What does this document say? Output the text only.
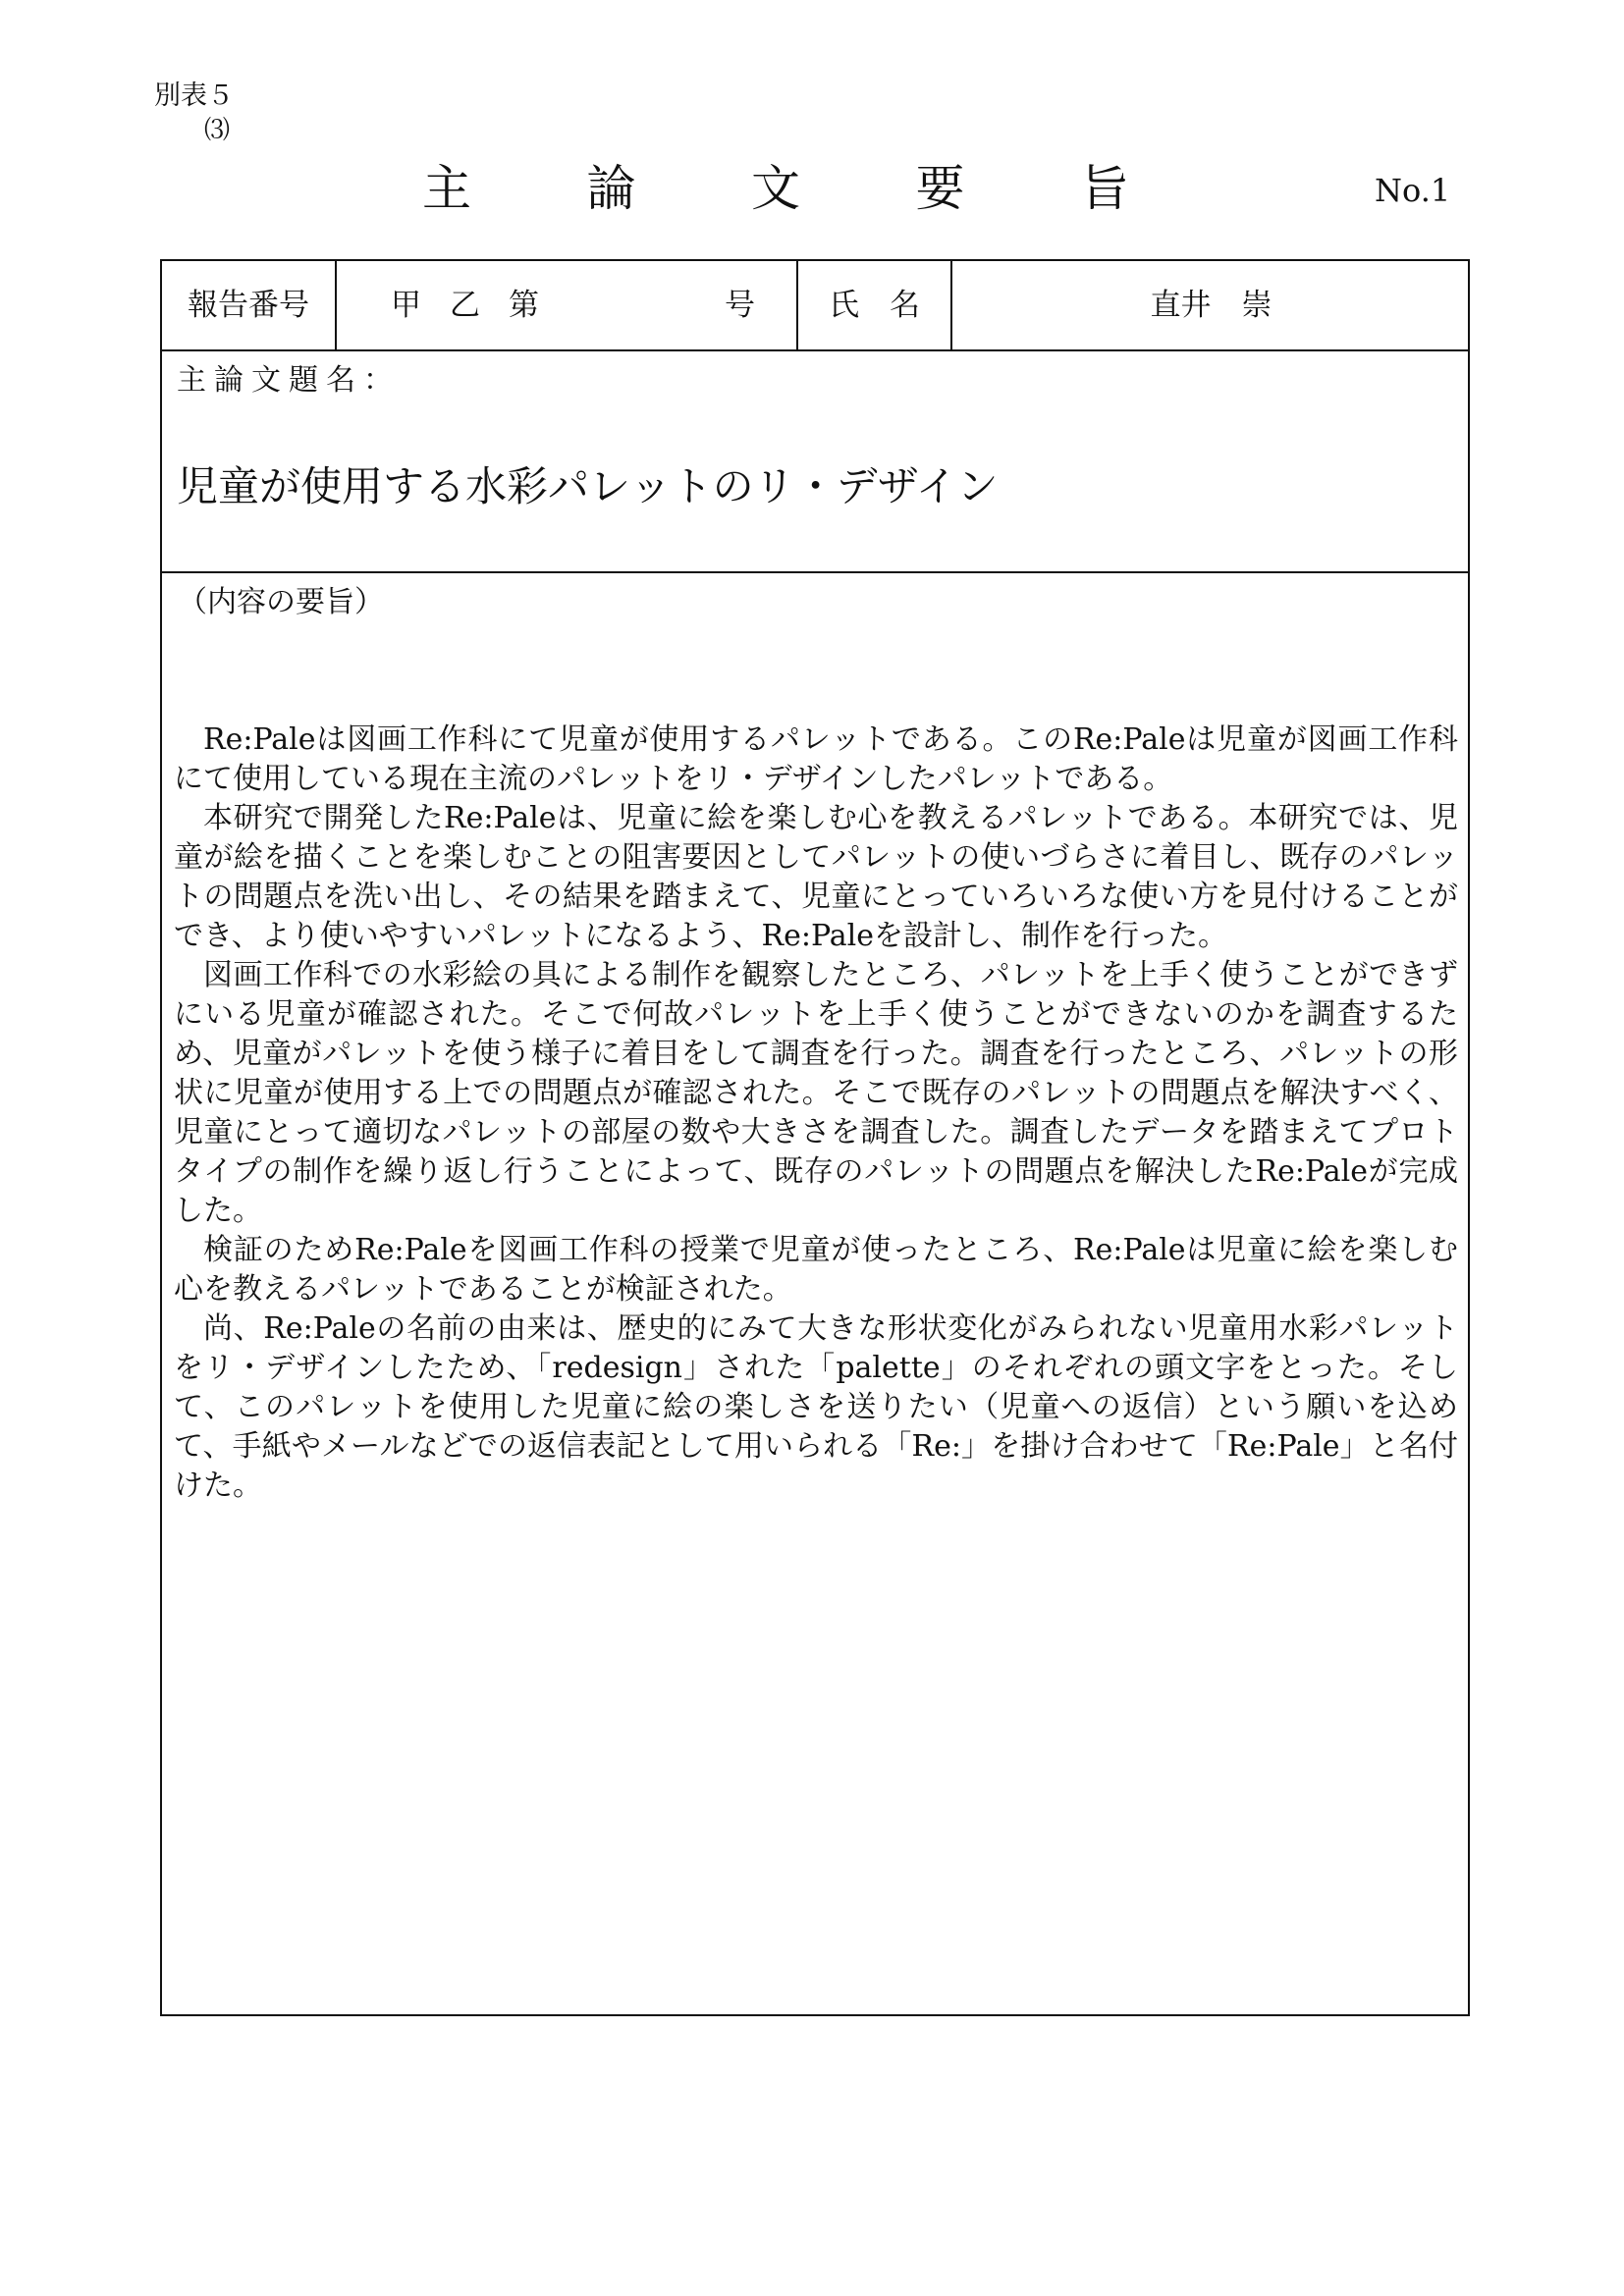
別表５
⑶
主 論 文 要 旨	No.1
報告番号	甲 乙 第	号	氏　名	直井　崇
主論文題名：
児童が使用する水彩パレットのリ・デザイン
（内容の要旨）

Re:Paleは図画工作科にて児童が使用するパレットである。このRe:Paleは児童が図画工作科にて使用している現在主流のパレットをリ・デザインしたパレットである。

本研究で開発したRe:Paleは、児童に絵を楽しむ心を教えるパレットである。本研究では、児童が絵を描くことを楽しむことの阻害要因としてパレットの使いづらさに着目し、既存のパレットの問題点を洗い出し、その結果を踏まえて、児童にとっていろいろな使い方を見付けることができ、より使いやすいパレットになるよう、Re:Paleを設計し、制作を行った。

図画工作科での水彩絵の具による制作を観察したところ、パレットを上手く使うことができずにいる児童が確認された。そこで何故パレットを上手く使うことができないのかを調査するため、児童がパレットを使う様子に着目をして調査を行った。調査を行ったところ、パレットの形状に児童が使用する上での問題点が確認された。そこで既存のパレットの問題点を解決すべく、児童にとって適切なパレットの部屋の数や大きさを調査した。調査したデータを踏まえてプロトタイプの制作を繰り返し行うことによって、既存のパレットの問題点を解決したRe:Paleが完成した。

検証のためRe:Paleを図画工作科の授業で児童が使ったところ、Re:Paleは児童に絵を楽しむ心を教えるパレットであることが検証された。

尚、Re:Paleの名前の由来は、歴史的にみて大きな形状変化がみられない児童用水彩パレットをリ・デザインしたため、「redesign」された「palette」のそれぞれの頭文字をとった。そして、このパレットを使用した児童に絵の楽しさを送りたい（児童への返信）という願いを込めて、手紙やメールなどでの返信表記として用いられる「Re:」を掛け合わせて「Re:Pale」と名付けた。
